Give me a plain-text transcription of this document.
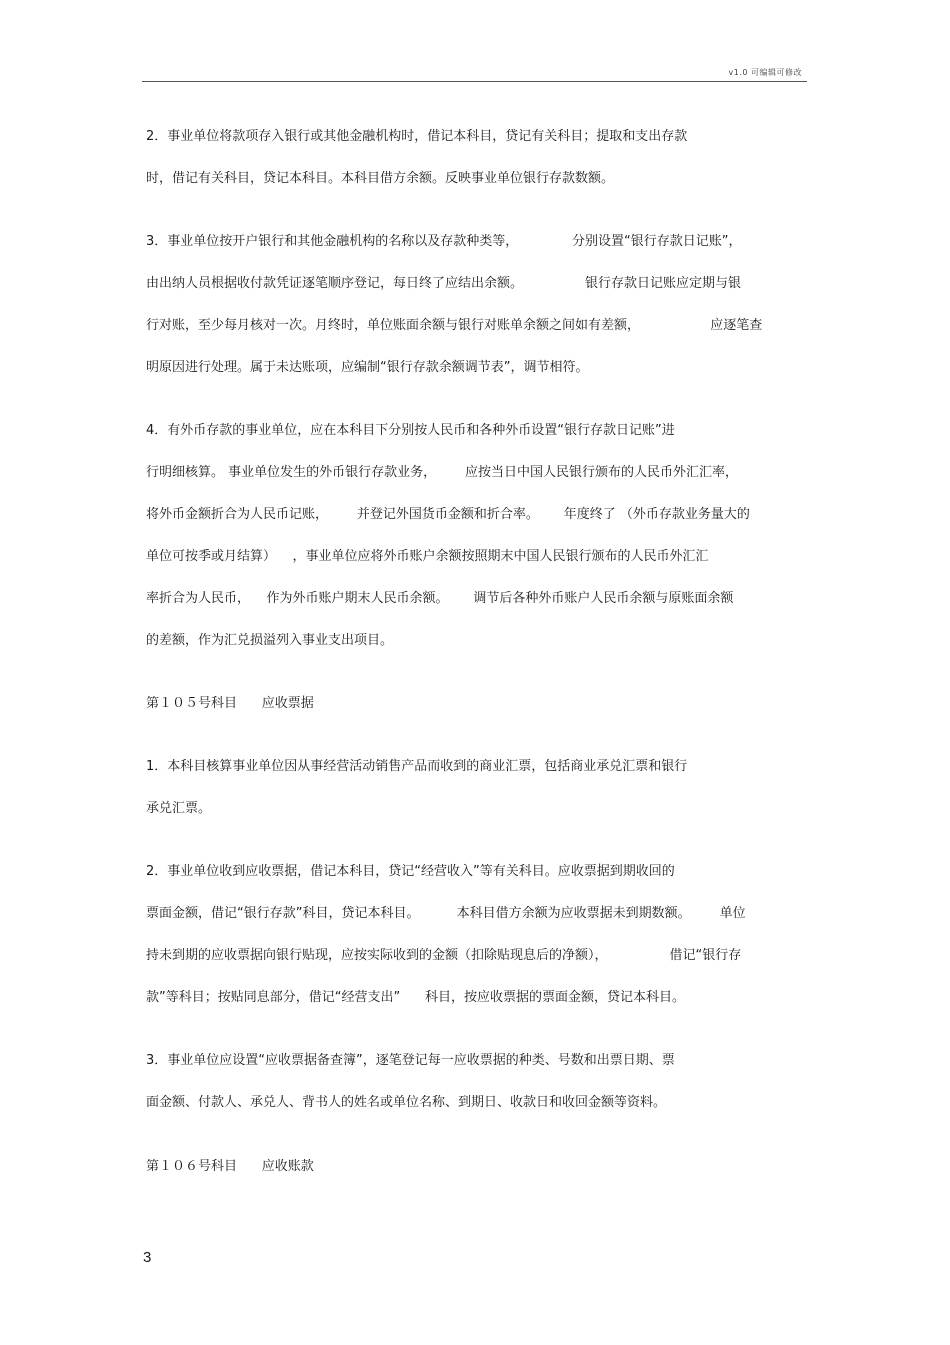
v1.0 可编辑可修改
2．事业单位将款项存入银行或其他金融机构时，借记本科目，贷记有关科目；提取和支出存款
时，借记有关科目，贷记本科目。本科目借方余额。反映事业单位银行存款数额。
3．事业单位按开户银行和其他金融机构的名称以及存款种类等，             分别设置“银行存款日记账”，
由出纳人员根据收付款凭证逐笔顺序登记，每日终了应结出余额。               银行存款日记账应定期与银
行对账，至少每月核对一次。月终时，单位账面余额与银行对账单余额之间如有差额，                 应逐笔查
明原因进行处理。属于未达账项，应编制“银行存款余额调节表”，调节相符。
4．有外币存款的事业单位，应在本科目下分别按人民币和各种外币设置“银行存款日记账”进
行明细核算。 事业单位发生的外币银行存款业务，       应按当日中国人民银行颁布的人民币外汇汇率，
将外币金额折合为人民币记账，       并登记外国货币金额和折合率。      年度终了 （外币存款业务量大的
单位可按季或月结算）    ，事业单位应将外币账户余额按照期末中国人民银行颁布的人民币外汇汇
率折合为人民币，    作为外币账户期末人民币余额。      调节后各种外币账户人民币余额与原账面余额
的差额，作为汇兑损溢列入事业支出项目。
第１０５号科目      应收票据
1．本科目核算事业单位因从事经营活动销售产品而收到的商业汇票，包括商业承兑汇票和银行
承兑汇票。
2．事业单位收到应收票据，借记本科目，贷记“经营收入”等有关科目。应收票据到期收回的
票面金额，借记“银行存款”科目，贷记本科目。         本科目借方余额为应收票据未到期数额。       单位
持未到期的应收票据向银行贴现，应按实际收到的金额（扣除贴现息后的净额），               借记“银行存
款”等科目；按贴同息部分，借记“经营支出”      科目，按应收票据的票面金额，贷记本科目。
3．事业单位应设置“应收票据备查簿”，逐笔登记每一应收票据的种类、号数和出票日期、票
面金额、付款人、承兑人、背书人的姓名或单位名称、到期日、收款日和收回金额等资料。
第１０６号科目      应收账款
3
